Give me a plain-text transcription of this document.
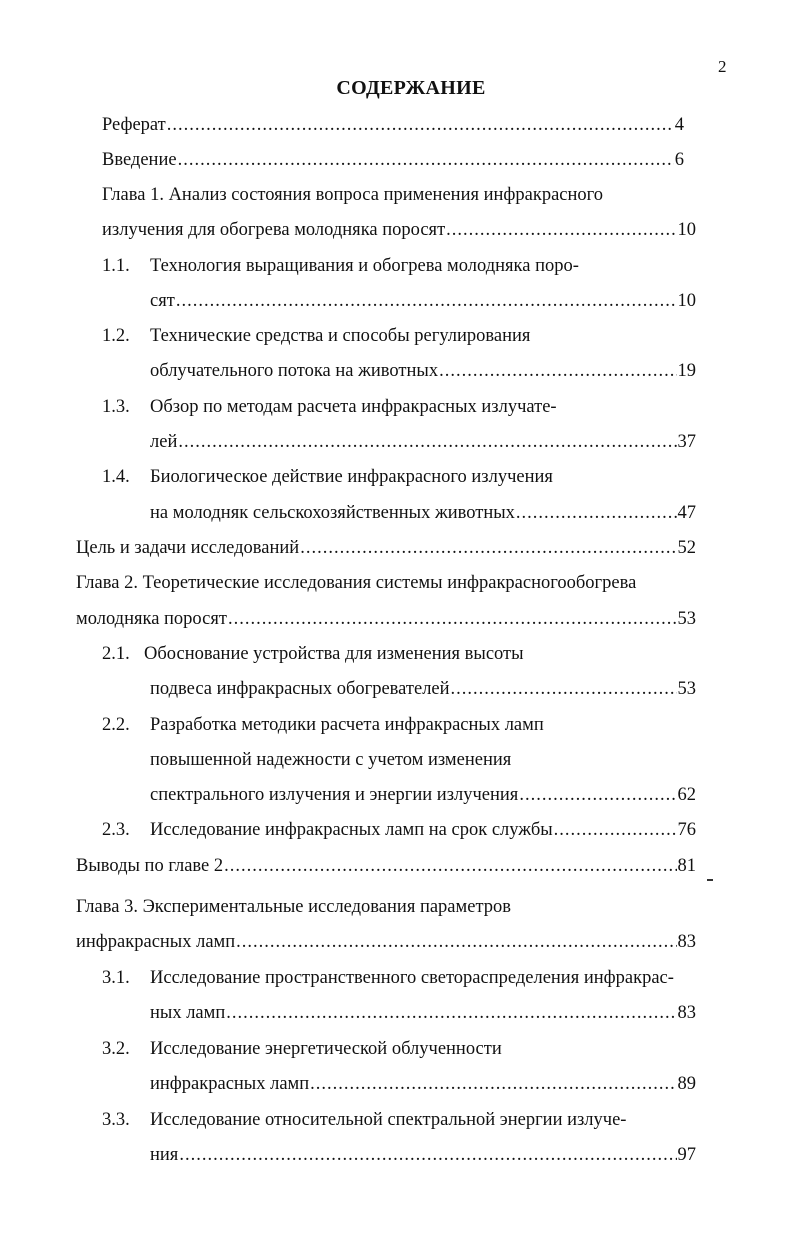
2
СОДЕРЖАНИЕ
Реферат .....	4
Введение .....	6
Глава 1. Анализ состояния вопроса применения инфракрасного
излучения для обогрева молодняка поросят .....	10
1.1. Технология выращивания и обогрева молодняка поро-
сят .....	10
1.2. Технические средства и способы регулирования
облучательного потока на животных .....	19
1.3. Обзор по методам расчета инфракрасных излучате-
лей .....	37
1.4. Биологическое действие инфракрасного излучения
на молодняк сельскохозяйственных животных .....	47
Цель и задачи исследований .....	52
Глава 2. Теоретические исследования системы инфракрасногообогрева
молодняка поросят .....	53
2.1. Обоснование устройства для изменения высоты
подвеса инфракрасных обогревателей .....	53
2.2. Разработка методики расчета инфракрасных ламп
повышенной надежности с учетом изменения
спектрального излучения и энергии излучения .....	62
2.3. Исследование инфракрасных ламп на срок службы .....	76
Выводы по главе 2 .....	81
Глава 3. Экспериментальные исследования параметров
инфракрасных ламп .....	83
3.1. Исследование пространственного светораспределения инфракрас-
ных ламп .....	83
3.2. Исследование энергетической облученности
инфракрасных ламп .....	89
3.3. Исследование относительной спектральной энергии излуче-
ния .....	97
